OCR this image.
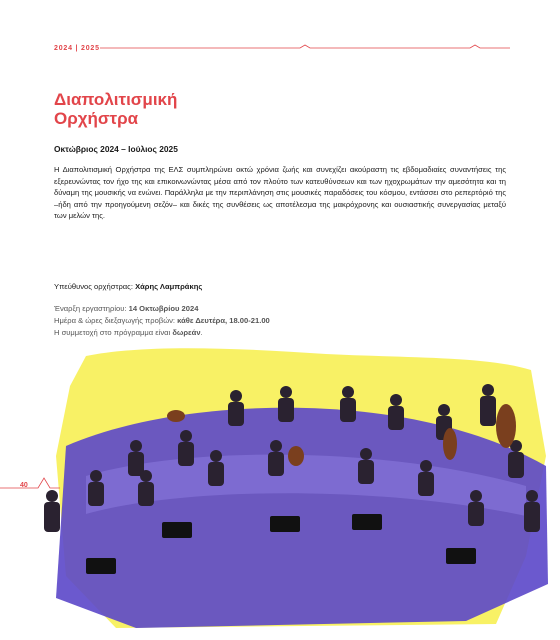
2024 | 2025
Διαπολιτισμική
Ορχήστρα
Οκτώβριος 2024 – Ιούλιος 2025

Η Διαπολιτισμική Ορχήστρα της ΕΛΣ συμπληρώνει οκτώ χρόνια ζωής και συνεχίζει ακούραστη τις εβδομαδιαίες συναντήσεις της εξερευνώντας τον ήχο της και επικοινωνώντας μέσα από τον πλούτο των κατευθύνσεων και των ηχοχρωμάτων την αμεσότητα και τη δύναμη της μουσικής να ενώνει. Παράλληλα με την περιπλάνηση στις μουσικές παραδόσεις του κόσμου, εντάσσει στο ρεπερτόριό της –ήδη από την προηγούμενη σεζόν– και δικές της συνθέσεις ως αποτέλεσμα της μακρόχρονης και ουσιαστικής συνεργασίας μεταξύ των μελών της.

Υπεύθυνος ορχήστρας: Χάρης Λαμπράκης
Έναρξη εργαστηρίου: 14 Οκτωβρίου 2024
Ημέρα & ώρες διεξαγωγής προβών: κάθε Δευτέρα, 18.00-21.00
Η συμμετοχή στο πρόγραμμα είναι δωρεάν.
40
